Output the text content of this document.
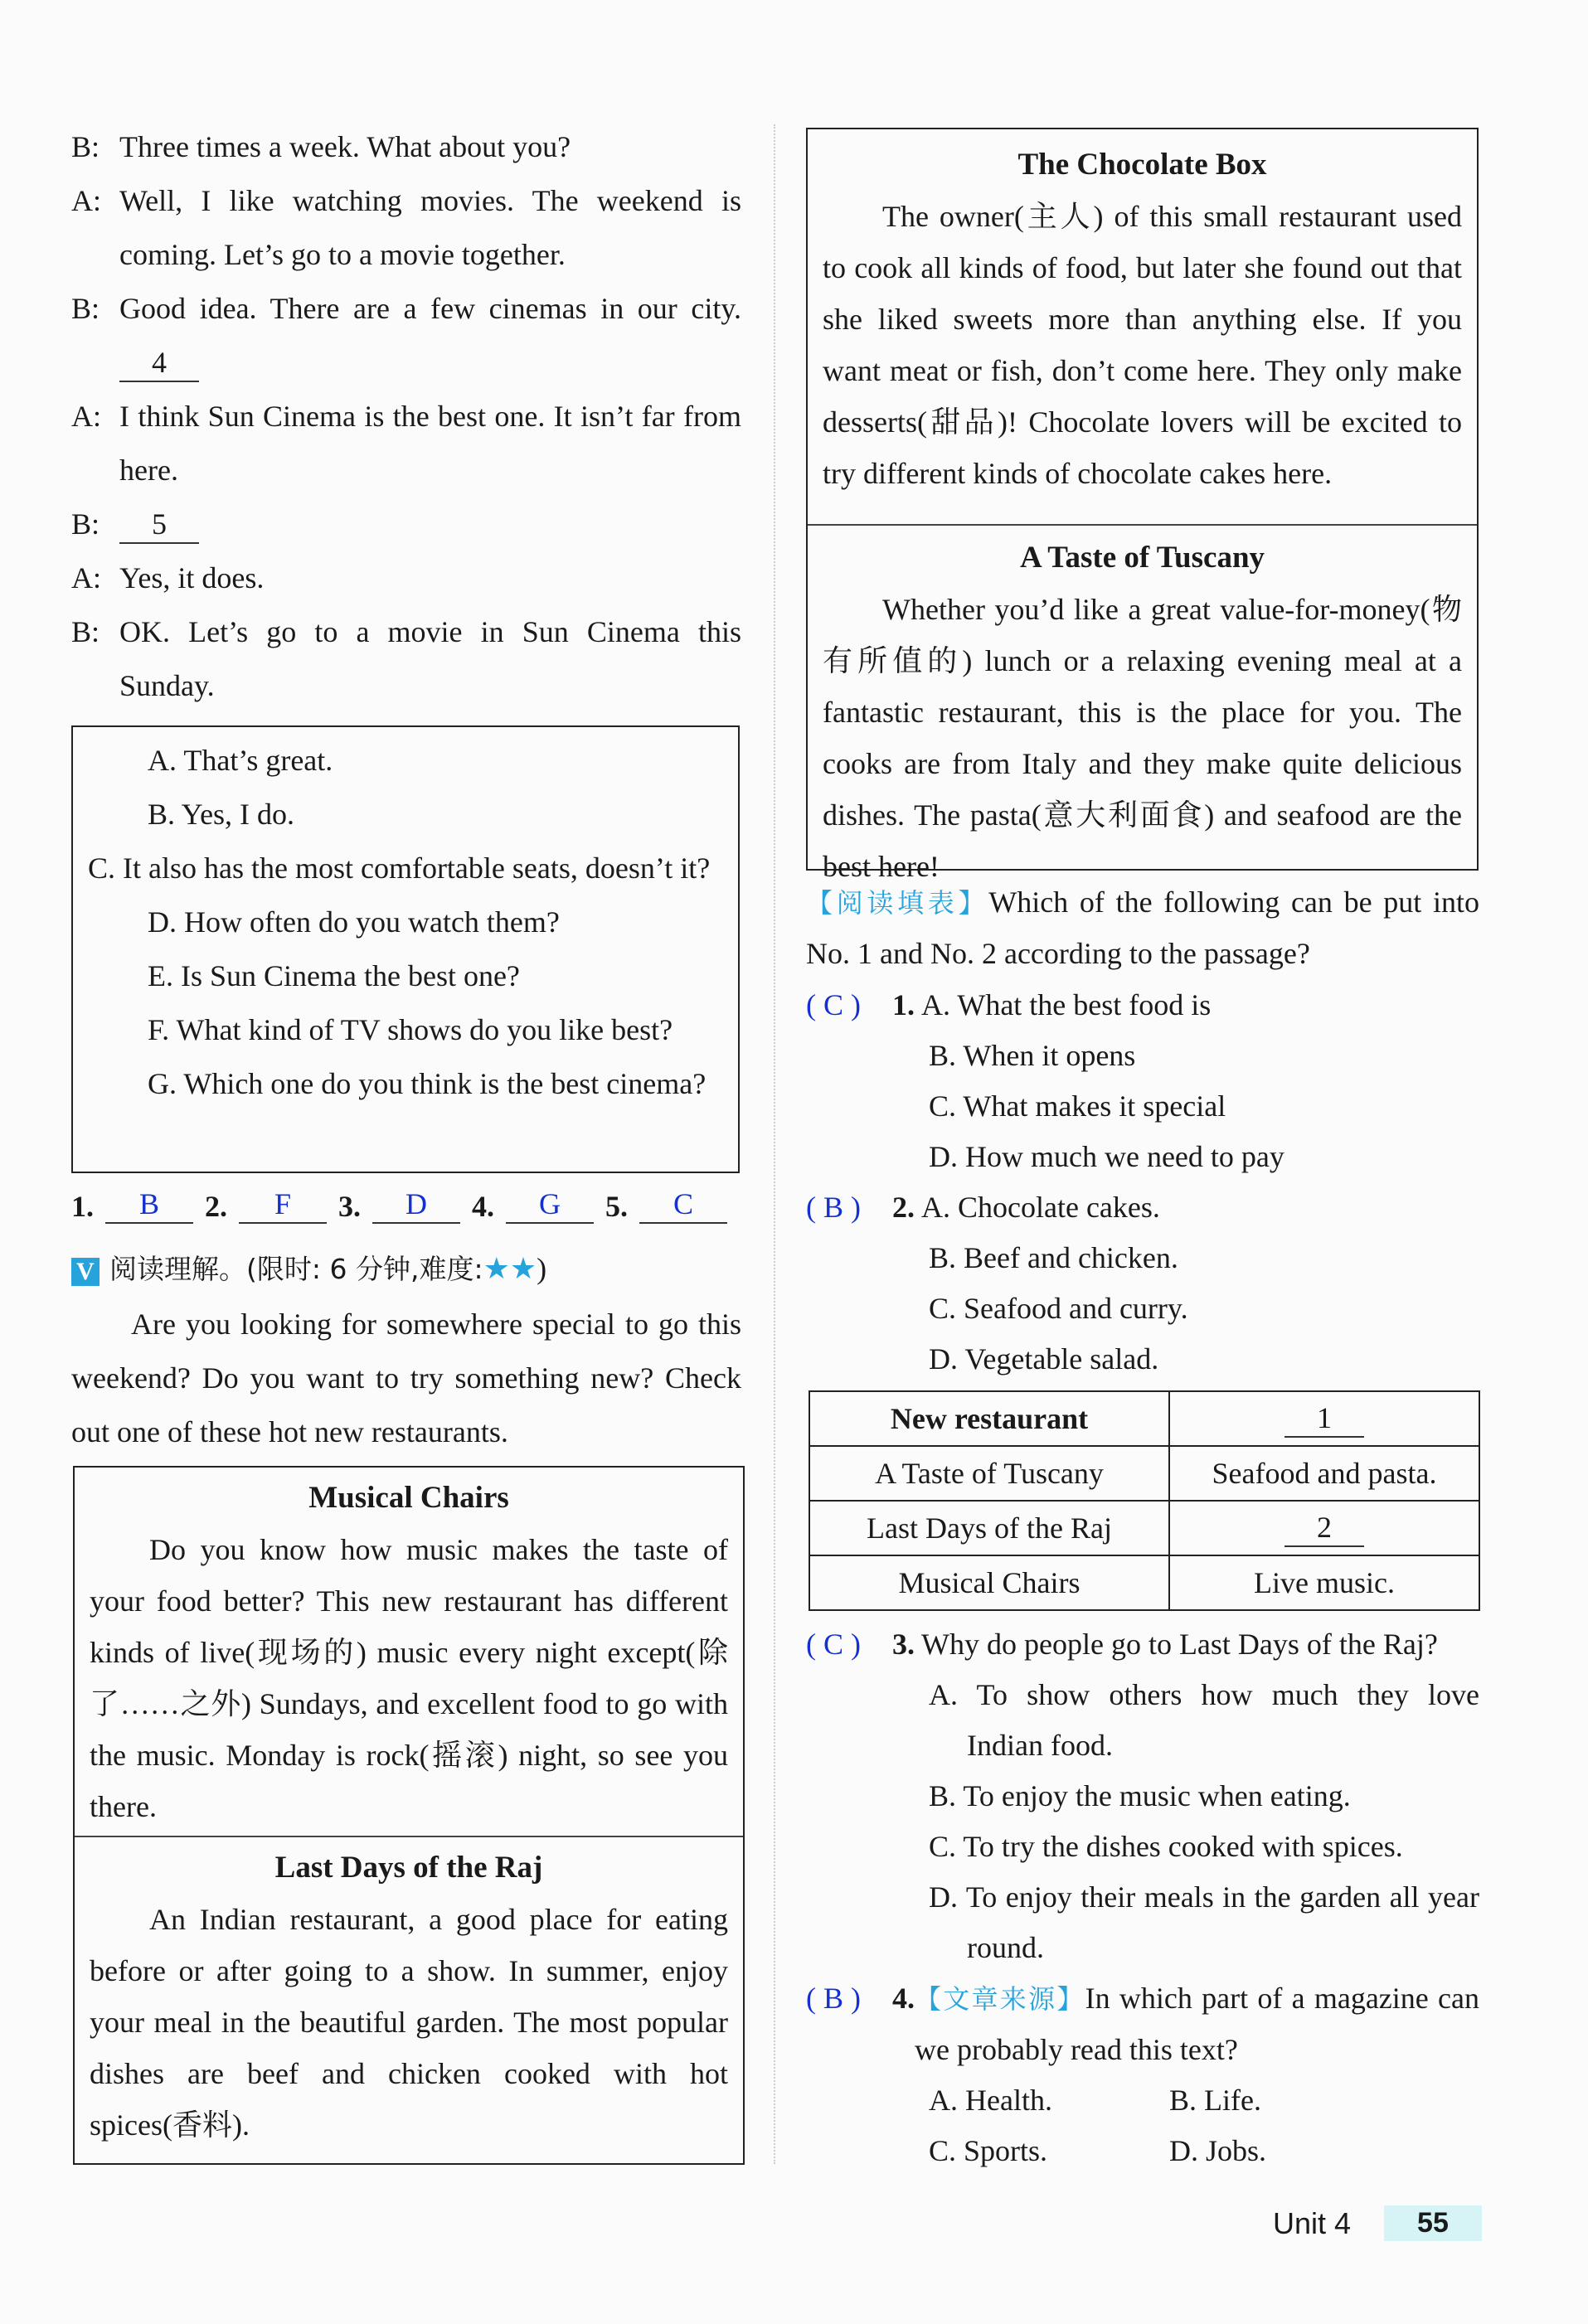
B: Three times a week. What about you?
A: Well, I like watching movies. The weekend is coming. Let’s go to a movie together.
B: Good idea. There are a few cinemas in our city. 4
A: I think Sun Cinema is the best one. It isn’t far from here.
B:	5
A: Yes, it does.
B: OK. Let’s go to a movie in Sun Cinema this Sunday.

A. That’s great.

B. Yes, I do.

C. It also has the most comfortable seats, doesn’t it?

D. How often do you watch them?

E. Is Sun Cinema the best one?

F. What kind of TV shows do you like best?

G. Which one do you think is the best cinema?

1.	B	2.	F	3.	D	4.	G	5.	C
V 阅读理解。(限时: 6 分钟,难度:★★)
Are you looking for somewhere special to go this weekend? Do you want to try something new? Check out one of these hot new restaurants.
Musical Chairs

Do you know how music makes the taste of your food better? This new restaurant has different kinds of live(现场的) music every night except(除了……之外) Sundays, and excellent food to go with the music. Monday is rock(摇滚) night, so see you there.

Last Days of the Raj

An Indian restaurant, a good place for eating before or after going to a show. In summer, enjoy your meal in the beautiful garden. The most popular dishes are beef and chicken cooked with hot spices(香料).

The Chocolate Box

The owner(主人) of this small restaurant used to cook all kinds of food, but later she found out that she liked sweets more than anything else. If you want meat or fish, don’t come here. They only make desserts(甜品)! Chocolate lovers will be excited to try different kinds of chocolate cakes here.

A Taste of Tuscany

Whether you’d like a great value-for-money(物有所值的) lunch or a relaxing evening meal at a fantastic restaurant, this is the place for you. The cooks are from Italy and they make quite delicious dishes. The pasta(意大利面食) and seafood are the best here!

【阅读填表】Which of the following can be put into No. 1 and No. 2 according to the passage?
( C )	1. A. What the best food is
B. When it opens
C. What makes it special
D. How much we need to pay
( B )	2. A. Chocolate cakes.
B. Beef and chicken.
C. Seafood and curry.
D. Vegetable salad.
New restaurant	1
A Taste of Tuscany	Seafood and pasta.
Last Days of the Raj	2
Musical Chairs	Live music.
( C )	3. Why do people go to Last Days of the Raj?
A. To show others how much they love Indian food.
B. To enjoy the music when eating.
C. To try the dishes cooked with spices.
D. To enjoy their meals in the garden all year round.
( B )	4. 【文章来源】In which part of a magazine can we probably read this text?
A. Health.	B. Life.
C. Sports.	D. Jobs.
Unit 4	55
